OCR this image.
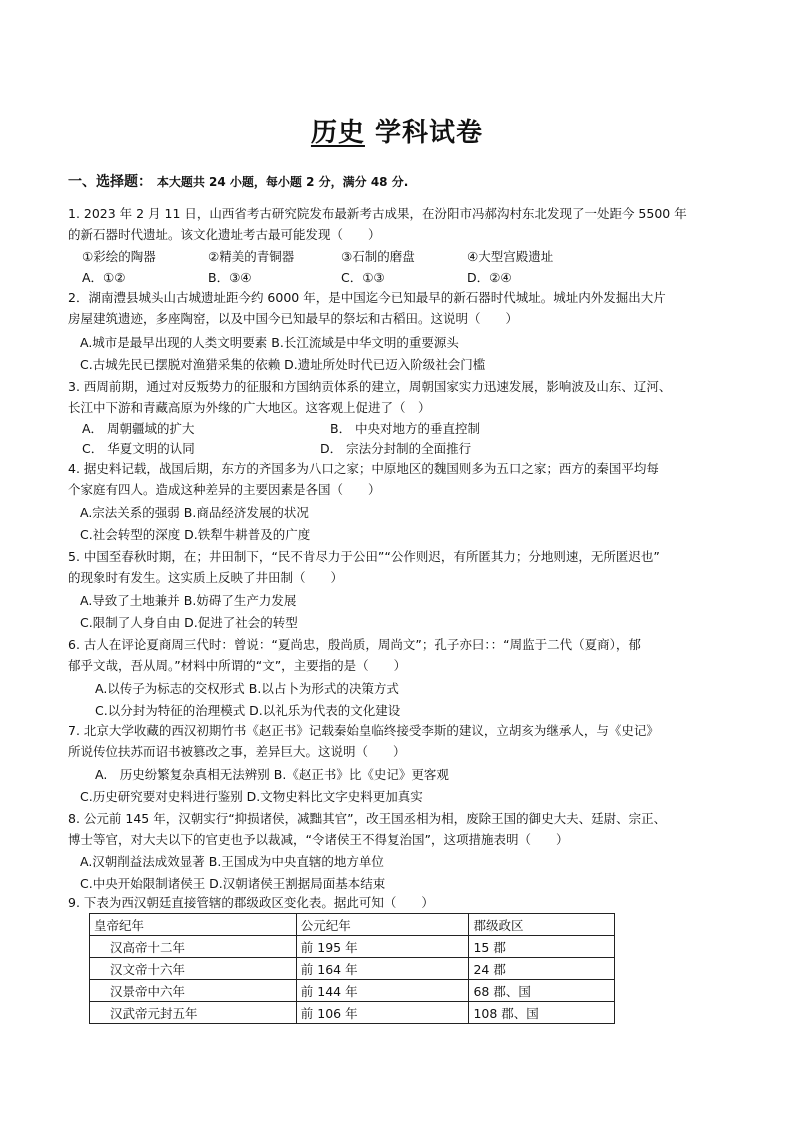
历史 学科试卷
一、选择题： 本大题共 24 小题，每小题 2 分，满分 48 分.
1. 2023 年 2 月 11 日，山西省考古研究院发布最新考古成果，在汾阳市冯郝沟村东北发现了一处距今 5500 年
的新石器时代遗址。该文化遗址考古最可能发现（　　）
①彩绘的陶器	②精美的青铜器	③石制的磨盘	④大型宫殿遗址
A．①②	B．③④	C．①③	D．②④
2．湖南澧县城头山古城遗址距今约 6000 年，是中国迄今已知最早的新石器时代城址。城址内外发掘出大片
房屋建筑遗迹，多座陶窑，以及中国今已知最早的祭坛和古稻田。这说明（　　）
A.城市是最早出现的人类文明要素 B.长江流域是中华文明的重要源头
C.古城先民已摆脱对渔猎采集的依赖 D.遗址所处时代已迈入阶级社会门槛
3. 西周前期，通过对反叛势力的征服和方国纳贡体系的建立，周朝国家实力迅速发展，影响波及山东、辽河、
长江中下游和青藏高原为外缘的广大地区。这客观上促进了（　）
A． 周朝疆域的扩大	B． 中央对地方的垂直控制
C． 华夏文明的认同	D． 宗法分封制的全面推行
4. 据史料记载，战国后期，东方的齐国多为八口之家；中原地区的魏国则多为五口之家；西方的秦国平均每
个家庭有四人。造成这种差异的主要因素是各国（　　）
A.宗法关系的强弱 B.商品经济发展的状况
C.社会转型的深度 D.铁犁牛耕普及的广度
5. 中国至春秋时期，在；井田制下，“民不肯尽力于公田”“公作则迟，有所匿其力；分地则速，无所匿迟也”
的现象时有发生。这实质上反映了井田制（　　）
A.导致了土地兼并 B.妨碍了生产力发展
C.限制了人身自由 D.促进了社会的转型
6. 古人在评论夏商周三代时：曾说：“夏尚忠，殷尚质，周尚文”；孔子亦曰：：“周监于二代（夏商），郁
郁乎文哉，吾从周。”材料中所谓的“文”，主要指的是（　　）
A.以传子为标志的交权形式 B.以占卜为形式的决策方式
C.以分封为特征的治理模式 D.以礼乐为代表的文化建设
7. 北京大学收藏的西汉初期竹书《赵正书》记载秦始皇临终接受李斯的建议，立胡亥为继承人，与《史记》
所说传位扶苏而诏书被篡改之事，差异巨大。这说明（　　）
A.　历史纷繁复杂真相无法辨别 B.《赵正书》比《史记》更客观
C.历史研究要对史料进行鉴别 D.文物史料比文字史料更加真实
8. 公元前 145 年，汉朝实行“抑损诸侯，减黜其官”，改王国丞相为相，废除王国的御史大夫、廷尉、宗正、
博士等官，对大夫以下的官吏也予以裁减，“令诸侯王不得复治国”，这项措施表明（　　）
A.汉朝削益法成效显著 B.王国成为中央直辖的地方单位
C.中央开始限制诸侯王 D.汉朝诸侯王割据局面基本结束
9. 下表为西汉朝廷直接管辖的郡级政区变化表。据此可知（　　）
皇帝纪年	公元纪年	郡级政区
汉高帝十二年	前 195 年	15 郡
汉文帝十六年	前 164 年	24 郡
汉景帝中六年	前 144 年	68 郡、国
汉武帝元封五年	前 106 年	108 郡、国
